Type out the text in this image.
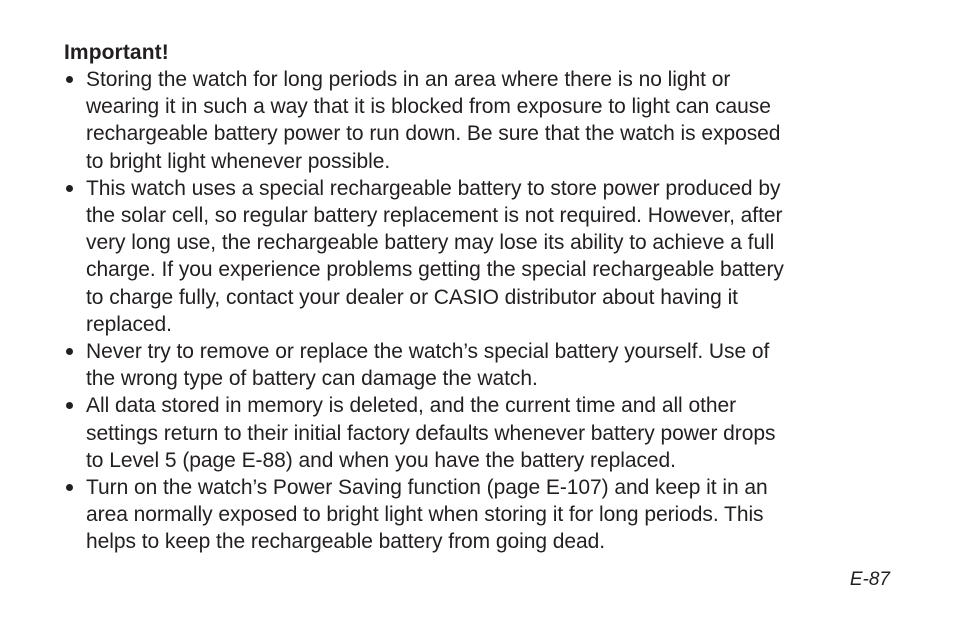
Important!
Storing the watch for long periods in an area where there is no light or
wearing it in such a way that it is blocked from exposure to light can cause
rechargeable battery power to run down. Be sure that the watch is exposed
to bright light whenever possible.
This watch uses a special rechargeable battery to store power produced by
the solar cell, so regular battery replacement is not required. However, after
very long use, the rechargeable battery may lose its ability to achieve a full
charge. If you experience problems getting the special rechargeable battery
to charge fully, contact your dealer or CASIO distributor about having it
replaced.
Never try to remove or replace the watch’s special battery yourself. Use of
the wrong type of battery can damage the watch.
All data stored in memory is deleted, and the current time and all other
settings return to their initial factory defaults whenever battery power drops
to Level 5 (page E-88) and when you have the battery replaced.
Turn on the watch’s Power Saving function (page E-107) and keep it in an
area normally exposed to bright light when storing it for long periods. This
helps to keep the rechargeable battery from going dead.
E-87
